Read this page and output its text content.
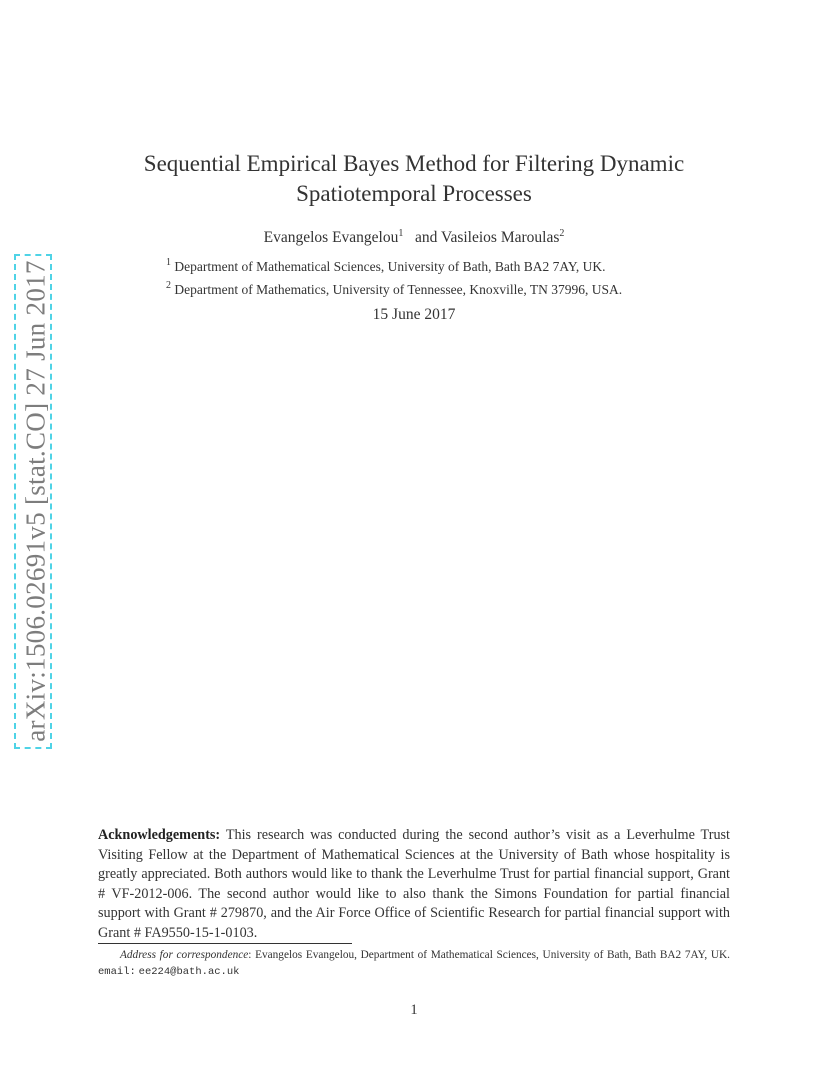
arXiv:1506.02691v5 [stat.CO] 27 Jun 2017
Sequential Empirical Bayes Method for Filtering Dynamic
Spatiotemporal Processes
Evangelos Evangelou$^1$ and Vasileios Maroulas$^2$
$^1$ Department of Mathematical Sciences, University of Bath, Bath BA2 7AY, UK.
$^2$ Department of Mathematics, University of Tennessee, Knoxville, TN 37996, USA.
15 June 2017
Acknowledgements: This research was conducted during the second author’s visit as a Leverhulme Trust Visiting Fellow at the Department of Mathematical Sciences at the University of Bath whose hospitality is greatly appreciated. Both authors would like to thank the Leverhulme Trust for partial financial support, Grant # VF-2012-006. The second author would like to also thank the Simons Foundation for partial financial support with Grant # 279870, and the Air Force Office of Scientific Research for partial financial support with Grant # FA9550-15-1-0103.
Address for correspondence: Evangelos Evangelou, Department of Mathematical Sciences, University of Bath, Bath BA2 7AY, UK. email: ee224@bath.ac.uk
1
